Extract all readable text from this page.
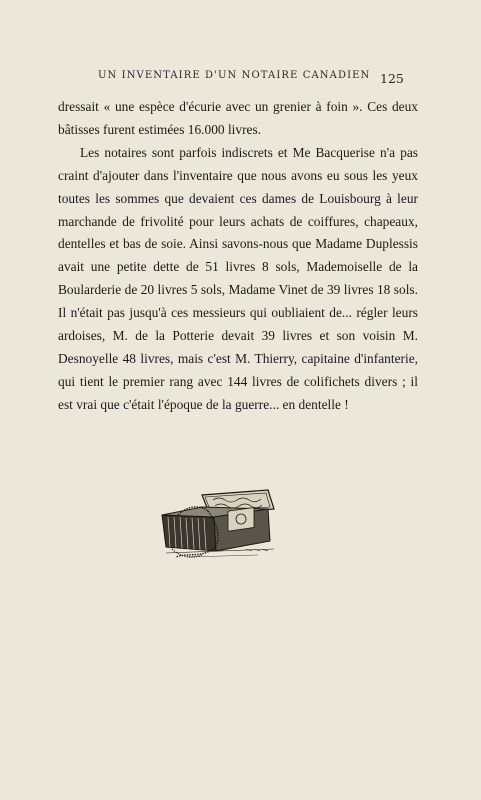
UN INVENTAIRE D'UN NOTAIRE CANADIEN 125

dressait « une espèce d'écurie avec un grenier à foin ». Ces deux bâtisses furent estimées 16.000 livres.

Les notaires sont parfois indiscrets et Me Bacquerise n'a pas craint d'ajouter dans l'inventaire que nous avons eu sous les yeux toutes les sommes que devaient ces dames de Louisbourg à leur marchande de frivolité pour leurs achats de coiffures, chapeaux, dentelles et bas de soie. Ainsi savons-nous que Madame Duplessis avait une petite dette de 51 livres 8 sols, Mademoiselle de la Boularderie de 20 livres 5 sols, Madame Vinet de 39 livres 18 sols. Il n'était pas jusqu'à ces messieurs qui oubliaient de... régler leurs ardoises, M. de la Potterie devait 39 livres et son voisin M. Desnoyelle 48 livres, mais c'est M. Thierry, capitaine d'infanterie, qui tient le premier rang avec 144 livres de colifichets divers ; il est vrai que c'était l'époque de la guerre... en dentelle !
